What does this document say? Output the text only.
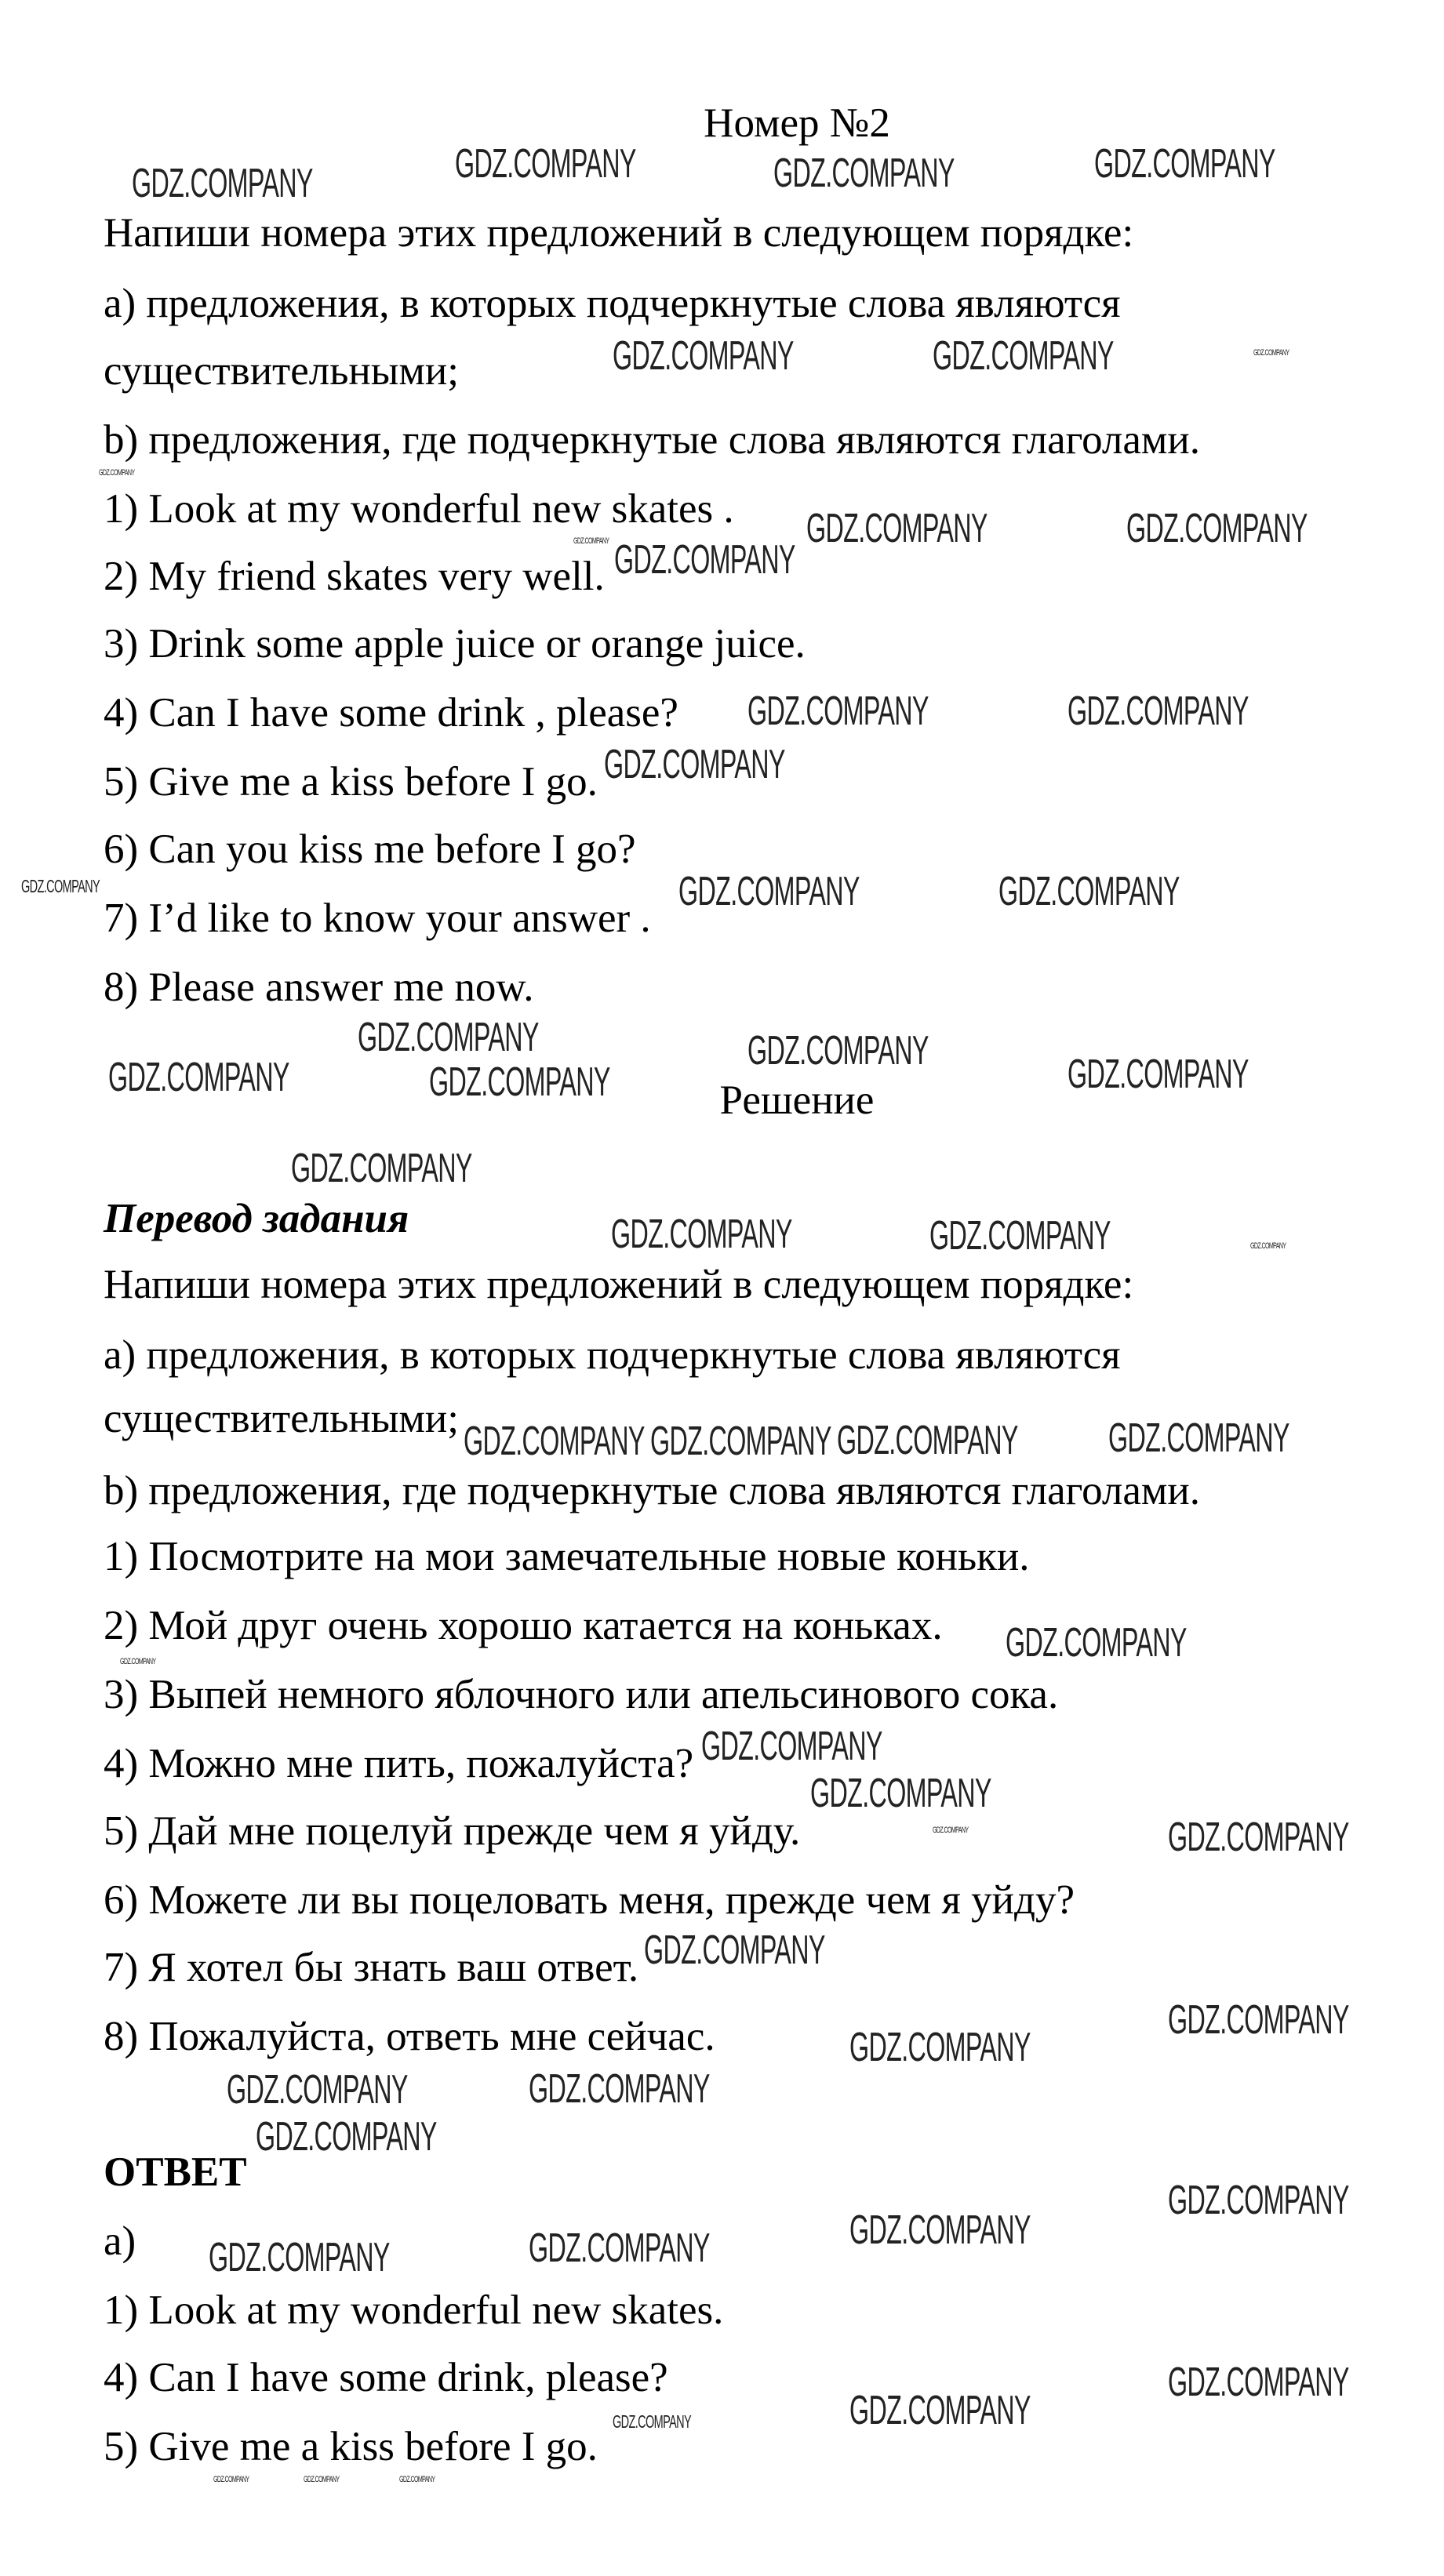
Номер №2
Напиши номера этих предложений в следующем порядке:
a) предложения, в которых подчеркнутые слова являются
существительными;
b) предложения, где подчеркнутые слова являются глаголами.
1) Look at my wonderful new skates .
2) My friend skates very well.
3) Drink some apple juice or orange juice.
4) Can I have some drink , please?
5) Give me a kiss before I go.
6) Can you kiss me before I go?
7) I’d like to know your answer .
8) Please answer me now.
Решение
Перевод задания
Напиши номера этих предложений в следующем порядке:
a) предложения, в которых подчеркнутые слова являются
существительными;
b) предложения, где подчеркнутые слова являются глаголами.
1) Посмотрите на мои замечательные новые коньки.
2) Мой друг очень хорошо катается на коньках.
3) Выпей немного яблочного или апельсинового сока.
4) Можно мне пить, пожалуйста?
5) Дай мне поцелуй прежде чем я уйду.
6) Можете ли вы поцеловать меня, прежде чем я уйду?
7) Я хотел бы знать ваш ответ.
8) Пожалуйста, ответь мне сейчас.
ОТВЕТ
a)
1) Look at my wonderful new skates.
4) Can I have some drink, please?
5) Give me a kiss before I go.
GDZ.COMPANY	GDZ.COMPANY	GDZ.COMPANY
GDZ.COMPANY
GDZ.COMPANY	GDZ.COMPANY	GDZ.COMPANY
GDZ.COMPANY
GDZ.COMPANY
GDZ.COMPANY	GDZ.COMPANY
GDZ.COMPANY
GDZ.COMPANY
GDZ.COMPANY	GDZ.COMPANY
GDZ.COMPANY
GDZ.COMPANY
GDZ.COMPANY	GDZ.COMPANY
GDZ.COMPANY	GDZ.COMPANY
GDZ.COMPANY
GDZ.COMPANY
GDZ.COMPANY
GDZ.COMPANY	GDZ.COMPANY	GDZ.COMPANY
GDZ.COMPANY GDZ.COMPANY GDZ.COMPANY GDZ.COMPANY
GDZ.COMPANY
GDZ.COMPANY
GDZ.COMPANY
GDZ.COMPANY
GDZ.COMPANY	GDZ.COMPANY
GDZ.COMPANY
GDZ.COMPANY
GDZ.COMPANY
GDZ.COMPANY
GDZ.COMPANY
GDZ.COMPANY
GDZ.COMPANY
GDZ.COMPANY
GDZ.COMPANY	GDZ.COMPANY
GDZ.COMPANY
GDZ.COMPANY
GDZ.COMPANY	GDZ.COMPANY	GDZ.COMPANY
GDZ.COMPANY
